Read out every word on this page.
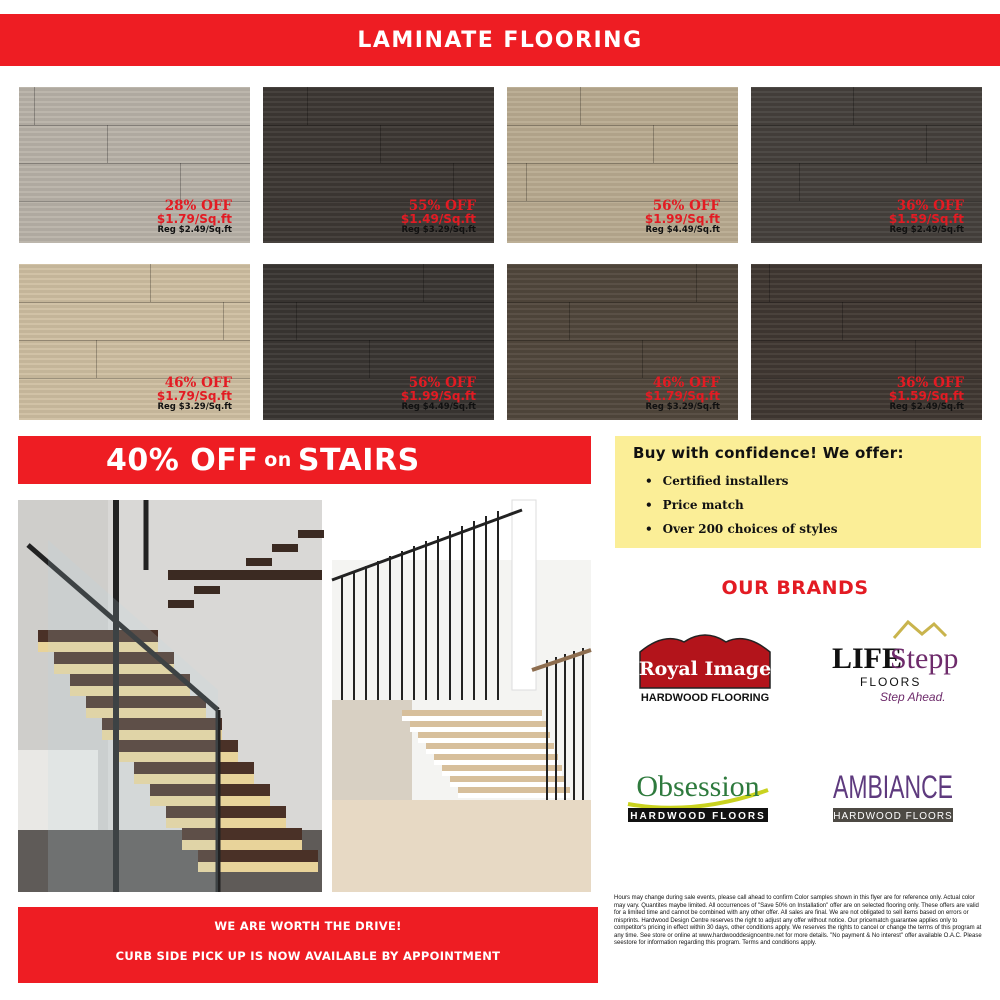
LAMINATE FLOORING
28% OFF
$1.79/Sq.ft
Reg $2.49/Sq.ft
55% OFF
$1.49/Sq.ft
Reg $3.29/Sq.ft
56% OFF
$1.99/Sq.ft
Reg $4.49/Sq.ft
36% OFF
$1.59/Sq.ft
Reg $2.49/Sq.ft
46% OFF
$1.79/Sq.ft
Reg $3.29/Sq.ft
56% OFF
$1.99/Sq.ft
Reg $4.49/Sq.ft
46% OFF
$1.79/Sq.ft
Reg $3.29/Sq.ft
36% OFF
$1.59/Sq.ft
Reg $2.49/Sq.ft
40% OFF on STAIRS	Buy with confidence! We offer:
• Certified installers
• Price match
• Over 200 choices of styles
OUR BRANDS
Royal Image
HARDWOOD FLOORING
LIFE
Stepp
FLOORS
Step Ahead.
Obsession
HARDWOOD FLOORS
AMBIANCE
HARDWOOD FLOORS
WE ARE WORTH THE DRIVE!
CURB SIDE PICK UP IS NOW AVAILABLE BY APPOINTMENT
Hours may change during sale events, please call ahead to confirm Color samples shown in this flyer are for reference only. Actual color may vary. Quantites maybe limited. All occurrences of "Save 50% on Installation" offer are on selected flooring only. These offers are valid for a limited time and cannot be combined with any other offer. All sales are final. We are not obligated to sell items based on errors or misprints. Hardwood Design Centre reserves the right to adjust any offer without notice. Our pricematch guarantee applies only to competitor's pricing in effect within 30 days, other conditions apply. We reserves the rights to cancel or change the terms of this program at any time. See store or online at www.hardwooddesigncentre.net for more details. "No payment & No interest" offer available O.A.C. Please seestore for information regarding this program. Terms and conditions apply.
